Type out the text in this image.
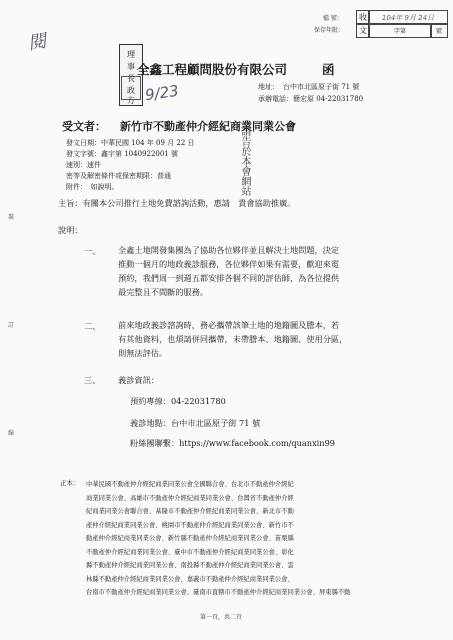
檔 號：
保存年限：
收	104年 9月 24日
文	字第	號
閱
理
事
長
政
方 9/23
全鑫工程顧問股份有限公司	函
地址： 台中市北區原子街 71 號
承辦電話：簡宏原 04-22031780
受文者： 新竹市不動產仲介經紀商業同業公會
請告於本會網站
發文日期：中華民國 104 年 09 月 22 日
發文字號：鑫宇第 1040922001 號
速別：速件
密等及解密條件或保密期限：普通
附件：　如說明。
主旨：有關本公司推行土地免費諮詢活動，惠請　貴會協助推廣。
裝
訂
線
說明：
一、 全鑫土地開發集團為了協助各位夥伴並且解決土地問題，決定
推動一個月的地政義診服務，各位夥伴如果有需要，歡迎來電
預約，我們周一到週五都安排各個不同的評估師，為各位提供
最完整且不間斷的服務。
二、 前來地政義診諮詢時，務必攜帶該筆土地的地籍圖及謄本，若
有其他資料，也煩請併同攜帶，未帶謄本、地籍圖、使用分區，
則無法評估。
三、 義診資訊：
預約專線：04-22031780
義診地點：台中市北區原子街 71 號
粉絲團聯繫：https://www.facebook.com/quanxin99
正本： 中華民國不動產仲介經紀商業同業公會全國聯合會、台北市不動產仲介經紀
商業同業公會、高雄市不動產仲介經紀商業同業公會、台灣省不動產仲介經
紀商業同業公會聯合會、基隆市不動產仲介經紀商業同業公會、新北市不動
產仲介經紀商業同業公會、桃園市不動產仲介經紀商業同業公會、新竹市不
動產仲介經紀商業同業公會、新竹縣不動產仲介經紀商業同業公會、苗栗縣
不動產仲介經紀商業同業公會、臺中市不動產仲介經紀商業同業公會、彰化
縣不動產仲介經紀商業同業公會、南投縣不動產仲介經紀商業同業公會、雲
林縣不動產仲介經紀商業同業公會、嘉義市不動產仲介經紀商業同業公會、
台南市不動產仲介經紀商業同業公會、臺南市直轄市不動產仲介經紀商業同業公會、屏東縣不動
第一頁，共二頁
